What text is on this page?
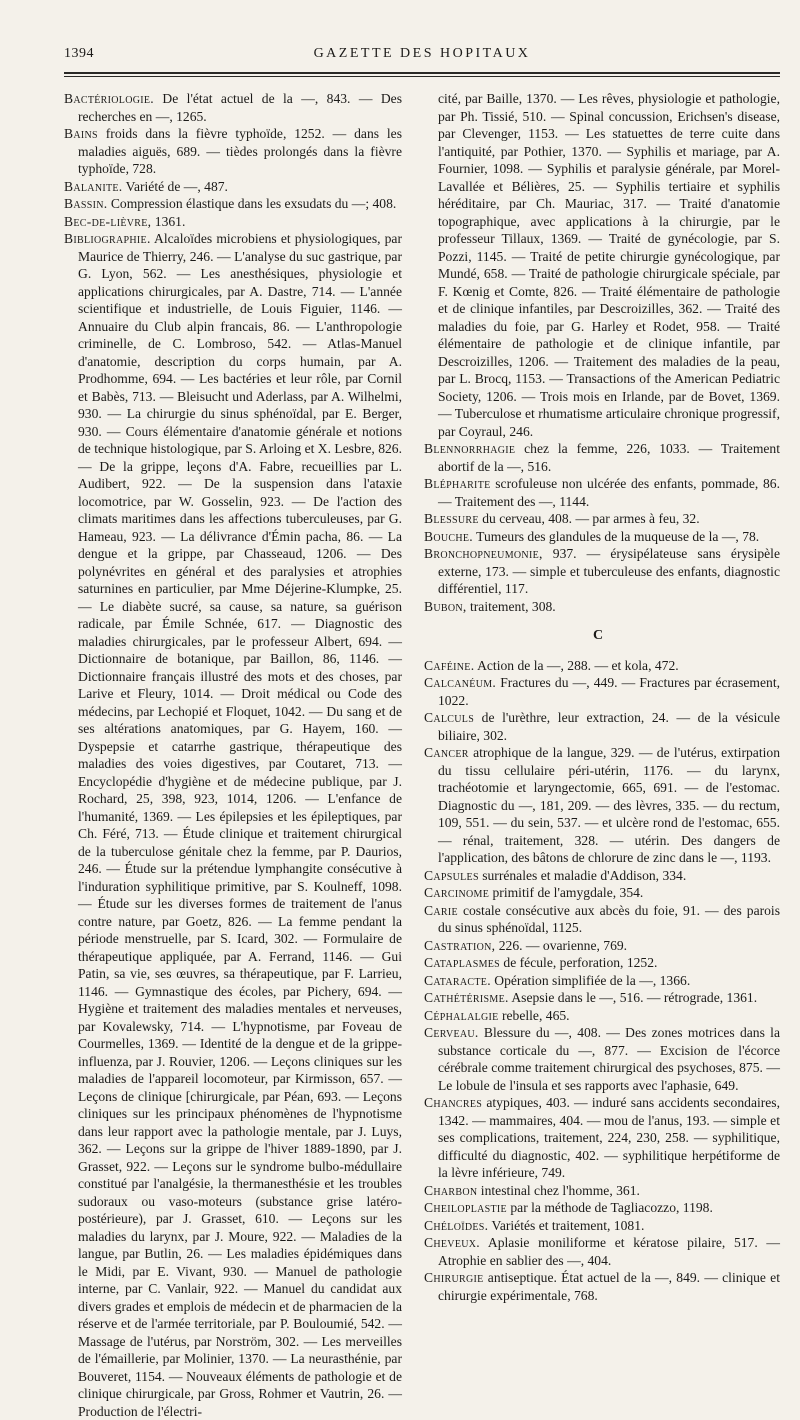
1394	GAZETTE DES HOPITAUX

Bactériologie. De l'état actuel de la —, 843. — Des recherches en —, 1265.

Bains froids dans la fièvre typhoïde, 1252. — dans les maladies aiguës, 689. — tièdes prolongés dans la fièvre typhoïde, 728.

Balanite. Variété de —, 487.

Bassin. Compression élastique dans les exsudats du —; 408.

Bec-de-lièvre, 1361.

Bibliographie. Alcaloïdes microbiens et physiologiques, par Maurice de Thierry, 246. — L'analyse du suc gastrique, par G. Lyon, 562. — Les anesthésiques, physiologie et applications chirurgicales, par A. Dastre, 714. — L'année scientifique et industrielle, de Louis Figuier, 1146. — Annuaire du Club alpin francais, 86. — L'anthropologie criminelle, de C. Lombroso, 542. — Atlas-Manuel d'anatomie, description du corps humain, par A. Prodhomme, 694. — Les bactéries et leur rôle, par Cornil et Babès, 713. — Bleisucht und Aderlass, par A. Wilhelmi, 930. — La chirurgie du sinus sphénoïdal, par E. Berger, 930. — Cours élémentaire d'anatomie générale et notions de technique histologique, par S. Arloing et X. Lesbre, 826. — De la grippe, leçons d'A. Fabre, recueillies par L. Audibert, 922. — De la suspension dans l'ataxie locomotrice, par W. Gosselin, 923. — De l'action des climats maritimes dans les affections tuberculeuses, par G. Hameau, 923. — La délivrance d'Émin pacha, 86. — La dengue et la grippe, par Chasseaud, 1206. — Des polynévrites en général et des paralysies et atrophies saturnines en particulier, par Mme Déjerine-Klumpke, 25. — Le diabète sucré, sa cause, sa nature, sa guérison radicale, par Émile Schnée, 617. — Diagnostic des maladies chirurgicales, par le professeur Albert, 694. — Dictionnaire de botanique, par Baillon, 86, 1146. — Dictionnaire français illustré des mots et des choses, par Larive et Fleury, 1014. — Droit médical ou Code des médecins, par Lechopié et Floquet, 1042. — Du sang et de ses altérations anatomiques, par G. Hayem, 160. — Dyspepsie et catarrhe gastrique, thérapeutique des maladies des voies digestives, par Coutaret, 713. — Encyclopédie d'hygiène et de médecine publique, par J. Rochard, 25, 398, 923, 1014, 1206. — L'enfance de l'humanité, 1369. — Les épilepsies et les épileptiques, par Ch. Féré, 713. — Étude clinique et traitement chirurgical de la tuberculose génitale chez la femme, par P. Daurios, 246. — Étude sur la prétendue lymphangite consécutive à l'induration syphilitique primitive, par S. Koulneff, 1098. — Étude sur les diverses formes de traitement de l'anus contre nature, par Goetz, 826. — La femme pendant la période menstruelle, par S. Icard, 302. — Formulaire de thérapeutique appliquée, par A. Ferrand, 1146. — Gui Patin, sa vie, ses œuvres, sa thérapeutique, par F. Larrieu, 1146. — Gymnastique des écoles, par Pichery, 694. — Hygiène et traitement des maladies mentales et nerveuses, par Kovalewsky, 714. — L'hypnotisme, par Foveau de Courmelles, 1369. — Identité de la dengue et de la grippe-influenza, par J. Rouvier, 1206. — Leçons cliniques sur les maladies de l'appareil locomoteur, par Kirmisson, 657. — Leçons de clinique [chirurgicale, par Péan, 693. — Leçons cliniques sur les principaux phénomènes de l'hypnotisme dans leur rapport avec la pathologie mentale, par J. Luys, 362. — Leçons sur la grippe de l'hiver 1889-1890, par J. Grasset, 922. — Leçons sur le syndrome bulbo-médullaire constitué par l'analgésie, la thermanesthésie et les troubles sudoraux ou vaso-moteurs (substance grise latéro-postérieure), par J. Grasset, 610. — Leçons sur les maladies du larynx, par J. Moure, 922. — Maladies de la langue, par Butlin, 26. — Les maladies épidémiques dans le Midi, par E. Vivant, 930. — Manuel de pathologie interne, par C. Vanlair, 922. — Manuel du candidat aux divers grades et emplois de médecin et de pharmacien de la réserve et de l'armée territoriale, par P. Bouloumié, 542. — Massage de l'utérus, par Norström, 302. — Les merveilles de l'émaillerie, par Molinier, 1370. — La neurasthénie, par Bouveret, 1154. — Nouveaux éléments de pathologie et de clinique chirurgicale, par Gross, Rohmer et Vautrin, 26. — Production de l'électri-

cité, par Baille, 1370. — Les rêves, physiologie et pathologie, par Ph. Tissié, 510. — Spinal concussion, Erichsen's disease, par Clevenger, 1153. — Les statuettes de terre cuite dans l'antiquité, par Pothier, 1370. — Syphilis et mariage, par A. Fournier, 1098. — Syphilis et paralysie générale, par Morel-Lavallée et Bélières, 25. — Syphilis tertiaire et syphilis héréditaire, par Ch. Mauriac, 317. — Traité d'anatomie topographique, avec applications à la chirurgie, par le professeur Tillaux, 1369. — Traité de gynécologie, par S. Pozzi, 1145. — Traité de petite chirurgie gynécologique, par Mundé, 658. — Traité de pathologie chirurgicale spéciale, par F. Kœnig et Comte, 826. — Traité élémentaire de pathologie et de clinique infantiles, par Descroizilles, 362. — Traité des maladies du foie, par G. Harley et Rodet, 958. — Traité élémentaire de pathologie et de clinique infantile, par Descroizilles, 1206. — Traitement des maladies de la peau, par L. Brocq, 1153. — Transactions of the American Pediatric Society, 1206. — Trois mois en Irlande, par de Bovet, 1369. — Tuberculose et rhumatisme articulaire chronique progressif, par Coyraul, 246.

Blennorrhagie chez la femme, 226, 1033. — Traitement abortif de la —, 516.

Blépharite scrofuleuse non ulcérée des enfants, pommade, 86. — Traitement des —, 1144.

Blessure du cerveau, 408. — par armes à feu, 32.

Bouche. Tumeurs des glandules de la muqueuse de la —, 78.

Bronchopneumonie, 937. — érysipélateuse sans érysipèle externe, 173. — simple et tuberculeuse des enfants, diagnostic différentiel, 117.

Bubon, traitement, 308.

C

Caféine. Action de la —, 288. — et kola, 472.

Calcanéum. Fractures du —, 449. — Fractures par écrasement, 1022.

Calculs de l'urèthre, leur extraction, 24. — de la vésicule biliaire, 302.

Cancer atrophique de la langue, 329. — de l'utérus, extirpation du tissu cellulaire péri-utérin, 1176. — du larynx, trachéotomie et laryngectomie, 665, 691. — de l'estomac. Diagnostic du —, 181, 209. — des lèvres, 335. — du rectum, 109, 551. — du sein, 537. — et ulcère rond de l'estomac, 655. — rénal, traitement, 328. — utérin. Des dangers de l'application, des bâtons de chlorure de zinc dans le —, 1193.

Capsules surrénales et maladie d'Addison, 334.

Carcinome primitif de l'amygdale, 354.

Carie costale consécutive aux abcès du foie, 91. — des parois du sinus sphénoïdal, 1125.

Castration, 226. — ovarienne, 769.

Cataplasmes de fécule, perforation, 1252.

Cataracte. Opération simplifiée de la —, 1366.

Cathétérisme. Asepsie dans le —, 516. — rétrograde, 1361.

Céphalalgie rebelle, 465.

Cerveau. Blessure du —, 408. — Des zones motrices dans la substance corticale du —, 877. — Excision de l'écorce cérébrale comme traitement chirurgical des psychoses, 875. — Le lobule de l'insula et ses rapports avec l'aphasie, 649.

Chancres atypiques, 403. — induré sans accidents secondaires, 1342. — mammaires, 404. — mou de l'anus, 193. — simple et ses complications, traitement, 224, 230, 258. — syphilitique, difficulté du diagnostic, 402. — syphilitique herpétiforme de la lèvre inférieure, 749.

Charbon intestinal chez l'homme, 361.

Cheiloplastie par la méthode de Tagliacozzo, 1198.

Chéloïdes. Variétés et traitement, 1081.

Cheveux. Aplasie moniliforme et kératose pilaire, 517. — Atrophie en sablier des —, 404.

Chirurgie antiseptique. État actuel de la —, 849. — clinique et chirurgie expérimentale, 768.
